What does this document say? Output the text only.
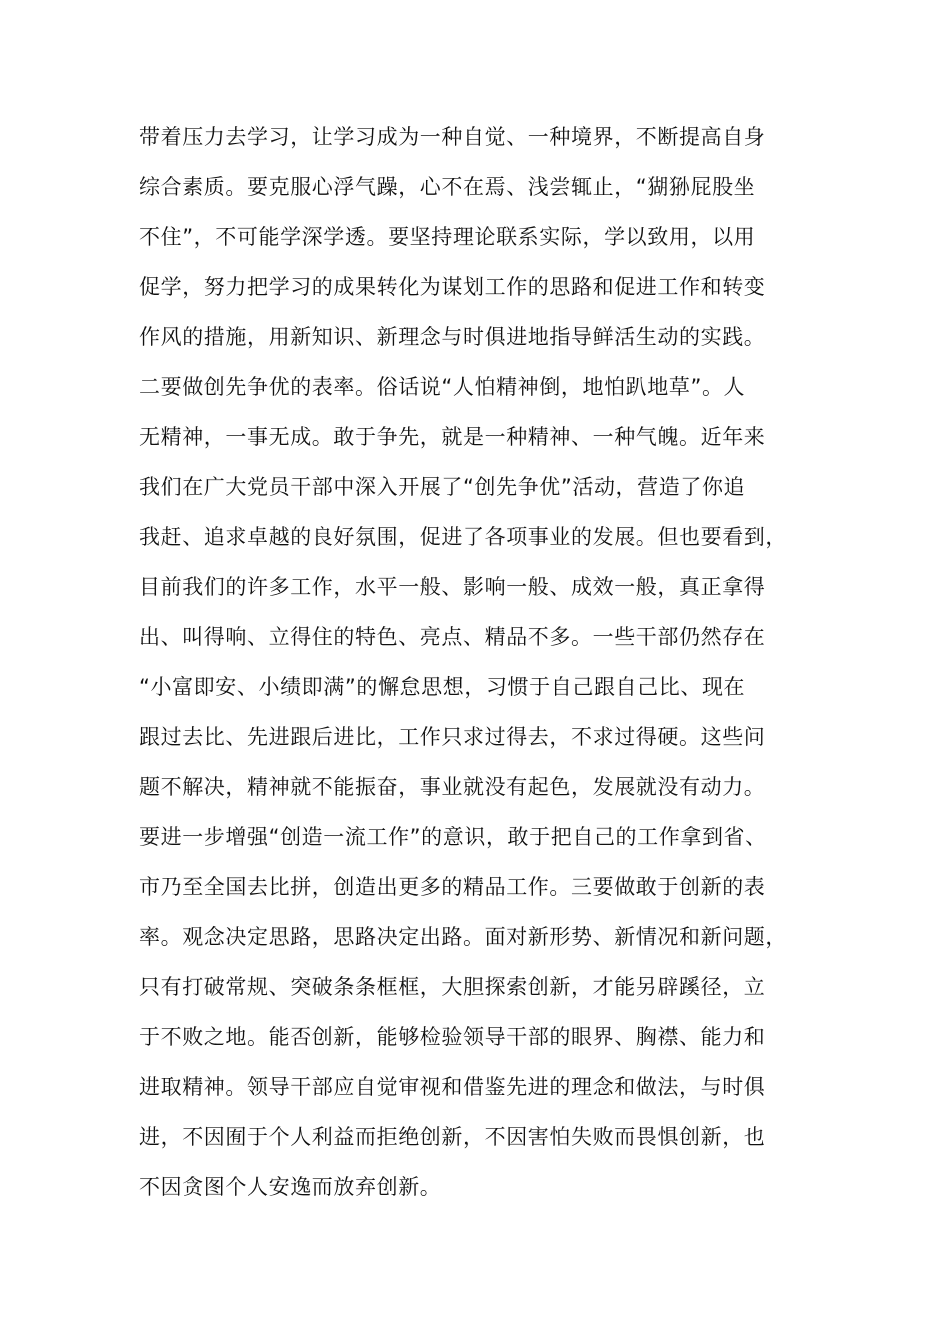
带着压力去学习，让学习成为一种自觉、一种境界，不断提高自身
综合素质。要克服心浮气躁，心不在焉、浅尝辄止，“猢狲屁股坐
不住”，不可能学深学透。要坚持理论联系实际，学以致用，以用
促学，努力把学习的成果转化为谋划工作的思路和促进工作和转变
作风的措施，用新知识、新理念与时俱进地指导鲜活生动的实践。
二要做创先争优的表率。俗话说“人怕精神倒，地怕趴地草”。人
无精神，一事无成。敢于争先，就是一种精神、一种气魄。近年来
我们在广大党员干部中深入开展了“创先争优”活动，营造了你追
我赶、追求卓越的良好氛围，促进了各项事业的发展。但也要看到，
目前我们的许多工作，水平一般、影响一般、成效一般，真正拿得
出、叫得响、立得住的特色、亮点、精品不多。一些干部仍然存在
“小富即安、小绩即满”的懈怠思想，习惯于自己跟自己比、现在
跟过去比、先进跟后进比，工作只求过得去，不求过得硬。这些问
题不解决，精神就不能振奋，事业就没有起色，发展就没有动力。
要进一步增强“创造一流工作”的意识，敢于把自己的工作拿到省、
市乃至全国去比拼，创造出更多的精品工作。三要做敢于创新的表
率。观念决定思路，思路决定出路。面对新形势、新情况和新问题，
只有打破常规、突破条条框框，大胆探索创新，才能另辟蹊径，立
于不败之地。能否创新，能够检验领导干部的眼界、胸襟、能力和
进取精神。领导干部应自觉审视和借鉴先进的理念和做法，与时俱
进，不因囿于个人利益而拒绝创新，不因害怕失败而畏惧创新，也
不因贪图个人安逸而放弃创新。
